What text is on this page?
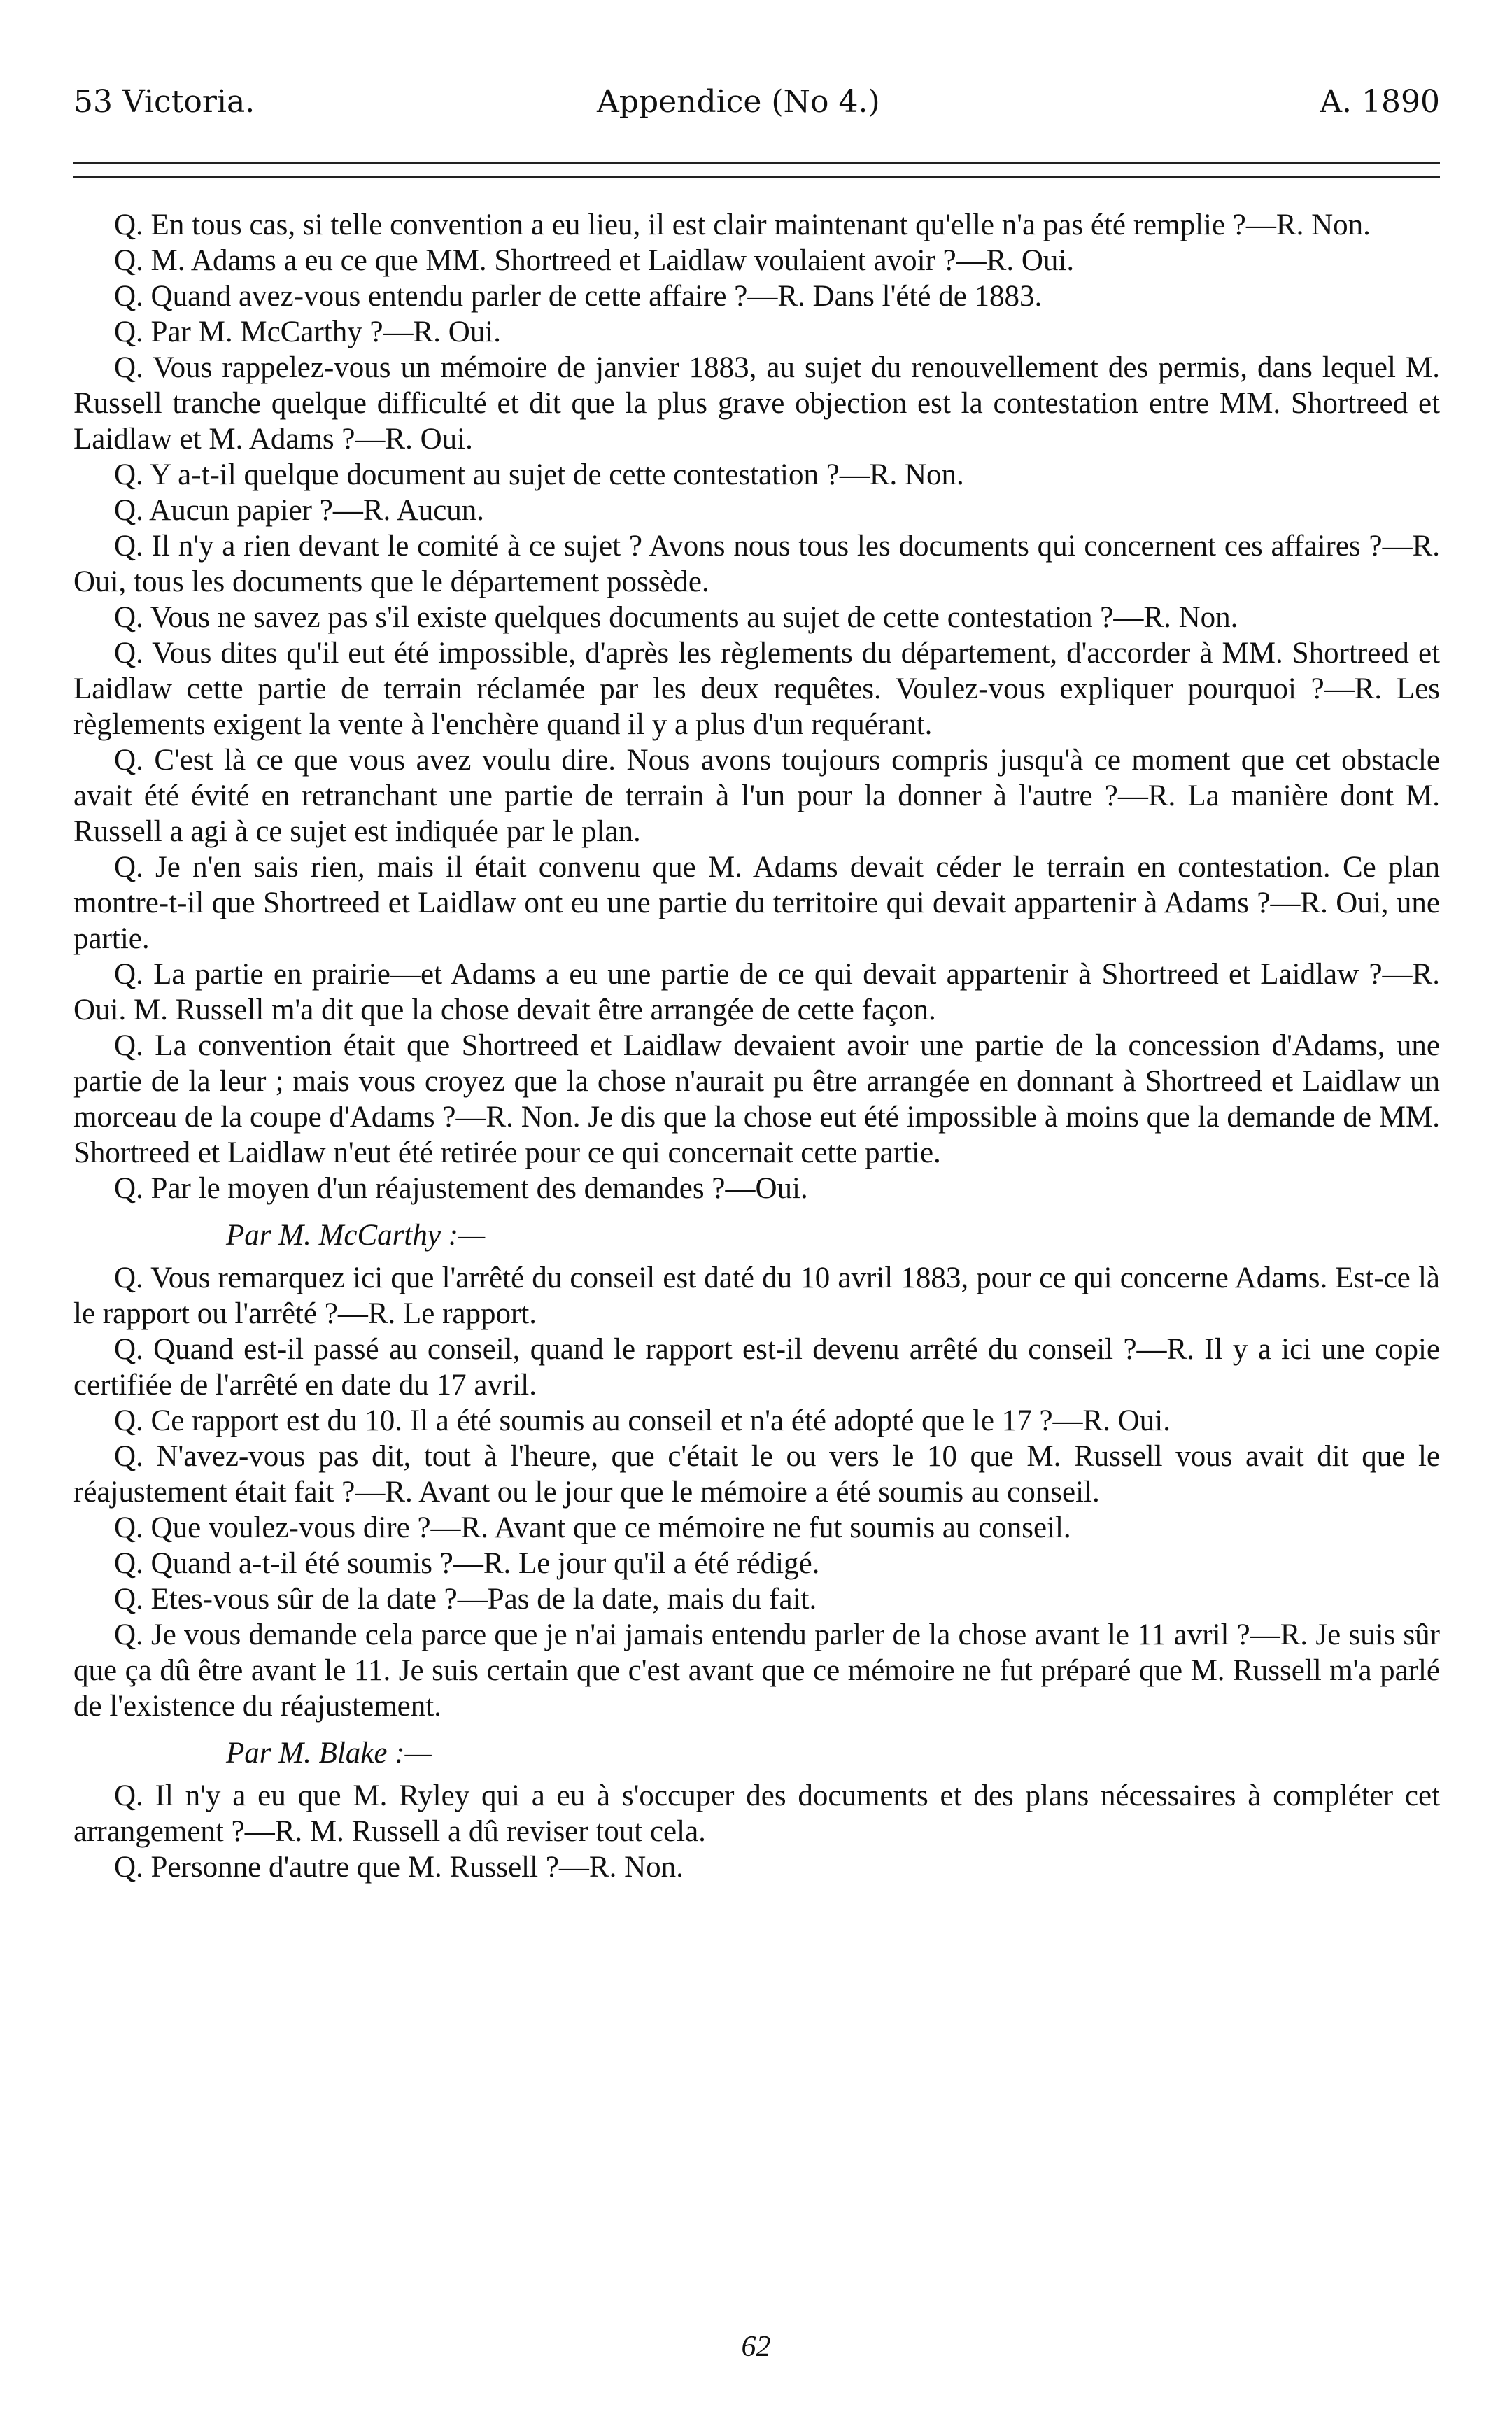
53 Victoria.	Appendice (No 4.)	A. 1890

Q. En tous cas, si telle convention a eu lieu, il est clair maintenant qu'elle n'a pas été remplie ?—R. Non.

Q. M. Adams a eu ce que MM. Shortreed et Laidlaw voulaient avoir ?—R. Oui.

Q. Quand avez-vous entendu parler de cette affaire ?—R. Dans l'été de 1883.

Q. Par M. McCarthy ?—R. Oui.

Q. Vous rappelez-vous un mémoire de janvier 1883, au sujet du renouvellement des permis, dans lequel M. Russell tranche quelque difficulté et dit que la plus grave objection est la contestation entre MM. Shortreed et Laidlaw et M. Adams ?—R. Oui.

Q. Y a-t-il quelque document au sujet de cette contestation ?—R. Non.

Q. Aucun papier ?—R. Aucun.

Q. Il n'y a rien devant le comité à ce sujet ? Avons nous tous les documents qui concernent ces affaires ?—R. Oui, tous les documents que le département possède.

Q. Vous ne savez pas s'il existe quelques documents au sujet de cette contestation ?—R. Non.

Q. Vous dites qu'il eut été impossible, d'après les règlements du département, d'accorder à MM. Shortreed et Laidlaw cette partie de terrain réclamée par les deux requêtes. Voulez-vous expliquer pourquoi ?—R. Les règlements exigent la vente à l'enchère quand il y a plus d'un requérant.

Q. C'est là ce que vous avez voulu dire. Nous avons toujours compris jusqu'à ce moment que cet obstacle avait été évité en retranchant une partie de terrain à l'un pour la donner à l'autre ?—R. La manière dont M. Russell a agi à ce sujet est indiquée par le plan.

Q. Je n'en sais rien, mais il était convenu que M. Adams devait céder le terrain en contestation. Ce plan montre-t-il que Shortreed et Laidlaw ont eu une partie du territoire qui devait appartenir à Adams ?—R. Oui, une partie.

Q. La partie en prairie—et Adams a eu une partie de ce qui devait appartenir à Shortreed et Laidlaw ?—R. Oui. M. Russell m'a dit que la chose devait être arrangée de cette façon.

Q. La convention était que Shortreed et Laidlaw devaient avoir une partie de la concession d'Adams, une partie de la leur ; mais vous croyez que la chose n'aurait pu être arrangée en donnant à Shortreed et Laidlaw un morceau de la coupe d'Adams ?—R. Non. Je dis que la chose eut été impossible à moins que la demande de MM. Shortreed et Laidlaw n'eut été retirée pour ce qui concernait cette partie.

Q. Par le moyen d'un réajustement des demandes ?—Oui.

Par M. McCarthy :—

Q. Vous remarquez ici que l'arrêté du conseil est daté du 10 avril 1883, pour ce qui concerne Adams. Est-ce là le rapport ou l'arrêté ?—R. Le rapport.

Q. Quand est-il passé au conseil, quand le rapport est-il devenu arrêté du conseil ?—R. Il y a ici une copie certifiée de l'arrêté en date du 17 avril.

Q. Ce rapport est du 10. Il a été soumis au conseil et n'a été adopté que le 17 ?—R. Oui.

Q. N'avez-vous pas dit, tout à l'heure, que c'était le ou vers le 10 que M. Russell vous avait dit que le réajustement était fait ?—R. Avant ou le jour que le mémoire a été soumis au conseil.

Q. Que voulez-vous dire ?—R. Avant que ce mémoire ne fut soumis au conseil.

Q. Quand a-t-il été soumis ?—R. Le jour qu'il a été rédigé.

Q. Etes-vous sûr de la date ?—Pas de la date, mais du fait.

Q. Je vous demande cela parce que je n'ai jamais entendu parler de la chose avant le 11 avril ?—R. Je suis sûr que ça dû être avant le 11. Je suis certain que c'est avant que ce mémoire ne fut préparé que M. Russell m'a parlé de l'existence du réajustement.

Par M. Blake :—

Q. Il n'y a eu que M. Ryley qui a eu à s'occuper des documents et des plans nécessaires à compléter cet arrangement ?—R. M. Russell a dû reviser tout cela.

Q. Personne d'autre que M. Russell ?—R. Non.

62
